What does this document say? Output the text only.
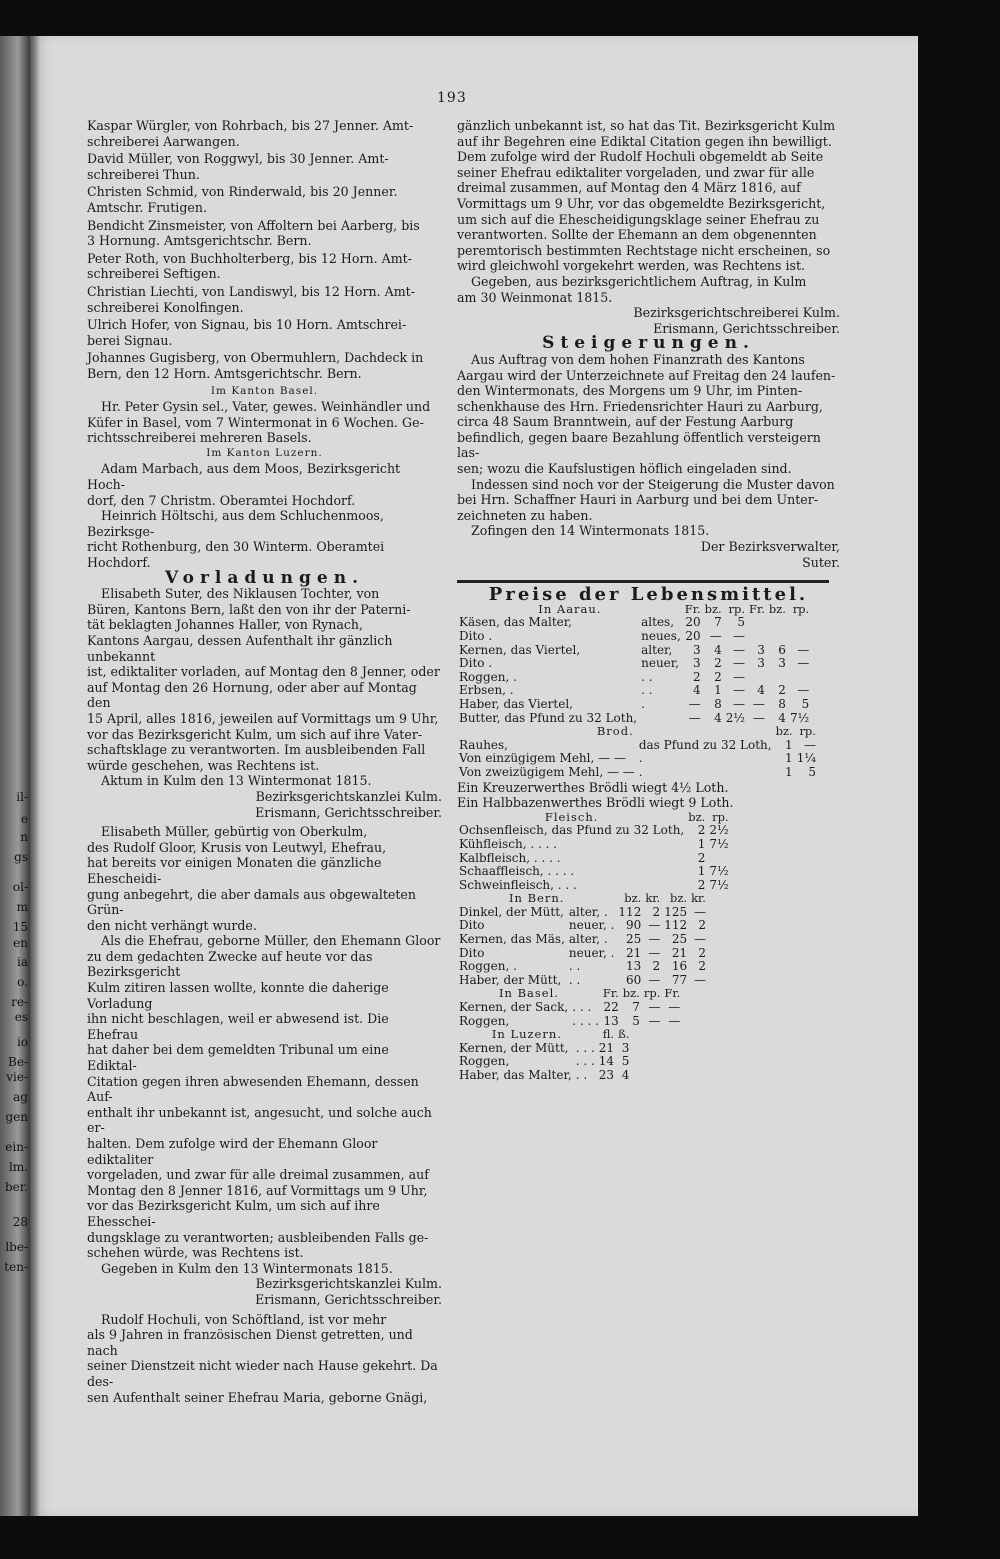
il-
e
n
gs
ol-
m
15
en
ia
o.
re-
es
io
Be-
vie-
ag
gen
ein-
lm.
ber.
28
lbe-
ten-
193

Kaspar Würgler, von Rohrbach, bis 27 Jenner. Amt-

schreiberei Aarwangen.

David Müller, von Roggwyl, bis 30 Jenner. Amt-

schreiberei Thun.

Christen Schmid, von Rinderwald, bis 20 Jenner.

Amtschr. Frutigen.

Bendicht Zinsmeister, von Affoltern bei Aarberg, bis

3 Hornung. Amtsgerichtschr. Bern.

Peter Roth, von Buchholterberg, bis 12 Horn. Amt-

schreiberei Seftigen.

Christian Liechti, von Landiswyl, bis 12 Horn. Amt-

schreiberei Konolfingen.

Ulrich Hofer, von Signau, bis 10 Horn. Amtschrei-

berei Signau.

Johannes Gugisberg, von Obermuhlern, Dachdeck in

Bern, den 12 Horn. Amtsgerichtschr. Bern.

Im Kanton Basel.

Hr. Peter Gysin sel., Vater, gewes. Weinhändler und

Küfer in Basel, vom 7 Wintermonat in 6 Wochen. Ge-

richtsschreiberei mehreren Basels.

Im Kanton Luzern.

Adam Marbach, aus dem Moos, Bezirksgericht Hoch-

dorf, den 7 Christm. Oberamtei Hochdorf.

Heinrich Höltschi, aus dem Schluchenmoos, Bezirksge-

richt Rothenburg, den 30 Winterm. Oberamtei Hochdorf.

Vorladungen.

Elisabeth Suter, des Niklausen Tochter, von

Büren, Kantons Bern, laßt den von ihr der Paterni-

tät beklagten Johannes Haller, von Rynach,

Kantons Aargau, dessen Aufenthalt ihr gänzlich unbekannt

ist, ediktaliter vorladen, auf Montag den 8 Jenner, oder

auf Montag den 26 Hornung, oder aber auf Montag den

15 April, alles 1816, jeweilen auf Vormittags um 9 Uhr,

vor das Bezirksgericht Kulm, um sich auf ihre Vater-

schaftsklage zu verantworten. Im ausbleibenden Fall

würde geschehen, was Rechtens ist.

Aktum in Kulm den 13 Wintermonat 1815.

Bezirksgerichtskanzlei Kulm.

Erismann, Gerichtsschreiber.

Elisabeth Müller, gebürtig von Oberkulm,

des Rudolf Gloor, Krusis von Leutwyl, Ehefrau,

hat bereits vor einigen Monaten die gänzliche Ehescheidi-

gung anbegehrt, die aber damals aus obgewalteten Grün-

den nicht verhängt wurde.

Als die Ehefrau, geborne Müller, den Ehemann Gloor

zu dem gedachten Zwecke auf heute vor das Bezirksgericht

Kulm zitiren lassen wollte, konnte die daherige Vorladung

ihn nicht beschlagen, weil er abwesend ist. Die Ehefrau

hat daher bei dem gemeldten Tribunal um eine Ediktal-

Citation gegen ihren abwesenden Ehemann, dessen Auf-

enthalt ihr unbekannt ist, angesucht, und solche auch er-

halten. Dem zufolge wird der Ehemann Gloor ediktaliter

vorgeladen, und zwar für alle dreimal zusammen, auf

Montag den 8 Jenner 1816, auf Vormittags um 9 Uhr,

vor das Bezirksgericht Kulm, um sich auf ihre Ehesschei-

dungsklage zu verantworten; ausbleibenden Falls ge-

schehen würde, was Rechtens ist.

Gegeben in Kulm den 13 Wintermonats 1815.

Bezirksgerichtskanzlei Kulm.

Erismann, Gerichtsschreiber.

Rudolf Hochuli, von Schöftland, ist vor mehr

als 9 Jahren in französischen Dienst getretten, und nach

seiner Dienstzeit nicht wieder nach Hause gekehrt. Da des-

sen Aufenthalt seiner Ehefrau Maria, geborne Gnägi,

gänzlich unbekannt ist, so hat das Tit. Bezirksgericht Kulm

auf ihr Begehren eine Ediktal Citation gegen ihn bewilligt.

Dem zufolge wird der Rudolf Hochuli obgemeldt ab Seite

seiner Ehefrau ediktaliter vorgeladen, und zwar für alle

dreimal zusammen, auf Montag den 4 März 1816, auf

Vormittags um 9 Uhr, vor das obgemeldte Bezirksgericht,

um sich auf die Ehescheidigungsklage seiner Ehefrau zu

verantworten. Sollte der Ehemann an dem obgenennten

peremtorisch bestimmten Rechtstage nicht erscheinen, so

wird gleichwohl vorgekehrt werden, was Rechtens ist.

Gegeben, aus bezirksgerichtlichem Auftrag, in Kulm

am 30 Weinmonat 1815.

Bezirksgerichtschreiberei Kulm.

Erismann, Gerichtsschreiber.

Steigerungen.

Aus Auftrag von dem hohen Finanzrath des Kantons

Aargau wird der Unterzeichnete auf Freitag den 24 laufen-

den Wintermonats, des Morgens um 9 Uhr, im Pinten-

schenkhause des Hrn. Friedensrichter Hauri zu Aarburg,

circa 48 Saum Branntwein, auf der Festung Aarburg

befindlich, gegen baare Bezahlung öffentlich versteigern las-

sen; wozu die Kaufslustigen höflich eingeladen sind.

Indessen sind noch vor der Steigerung die Muster davon

bei Hrn. Schaffner Hauri in Aarburg und bei dem Unter-

zeichneten zu haben.

Zofingen den 14 Wintermonats 1815.

Der Bezirksverwalter,

Suter.

Preise der Lebensmittel.

In Aarau.		Fr.	bz.	rp.	Fr.	bz.	rp.
Käsen, das Malter,	altes,	20	7	5			
Dito .	neues,	20	—	—			
Kernen, das Viertel,	alter,	3	4	—	3	6	—
Dito .	neuer,	3	2	—	3	3	—
Roggen, .	. .	2	2	—			
Erbsen, .	. .	4	1	—	4	2	—
Haber, das Viertel,	.	—	8	—	—	8	5
Butter, das Pfund zu 32 Loth,		—	4	2½	—	4	7½
Brod.		bz.	rp.
Rauhes,	das Pfund zu 32 Loth,	1	—
Von einzügigem Mehl, — —	.	1	1¼
Von zweizügigem Mehl, — —	.	1	5

Ein Kreuzerwerthes Brödli wiegt 4½ Loth.

Ein Halbbazenwerthes Brödli wiegt 9 Loth.

Fleisch.	bz.	rp.
Ochsenfleisch, das Pfund zu 32 Loth,	2	2½
Kühfleisch, . . . .	1	7½
Kalbfleisch, . . . .	2	
Schaaffleisch, . . . .	1	7½
Schweinfleisch, . . .	2	7½
In Bern.		bz.	kr.	bz.	kr.
Dinkel, der Mütt,	alter, .	112	2	125	—
Dito	neuer, .	90	—	112	2
Kernen, das Mäs,	alter, .	25	—	25	—
Dito	neuer, .	21	—	21	2
Roggen, .	. .	13	2	16	2
Haber, der Mütt,	. .	60	—	77	—
In Basel.		Fr.	bz.	rp.	Fr.
Kernen, der Sack,	. . .	22	7	—	—
Roggen,	. . . .	13	5	—	—
In Luzern.		fl.	ß.
Kernen, der Mütt,	. . .	21	3
Roggen,	. . .	14	5
Haber, das Malter,	. .	23	4
